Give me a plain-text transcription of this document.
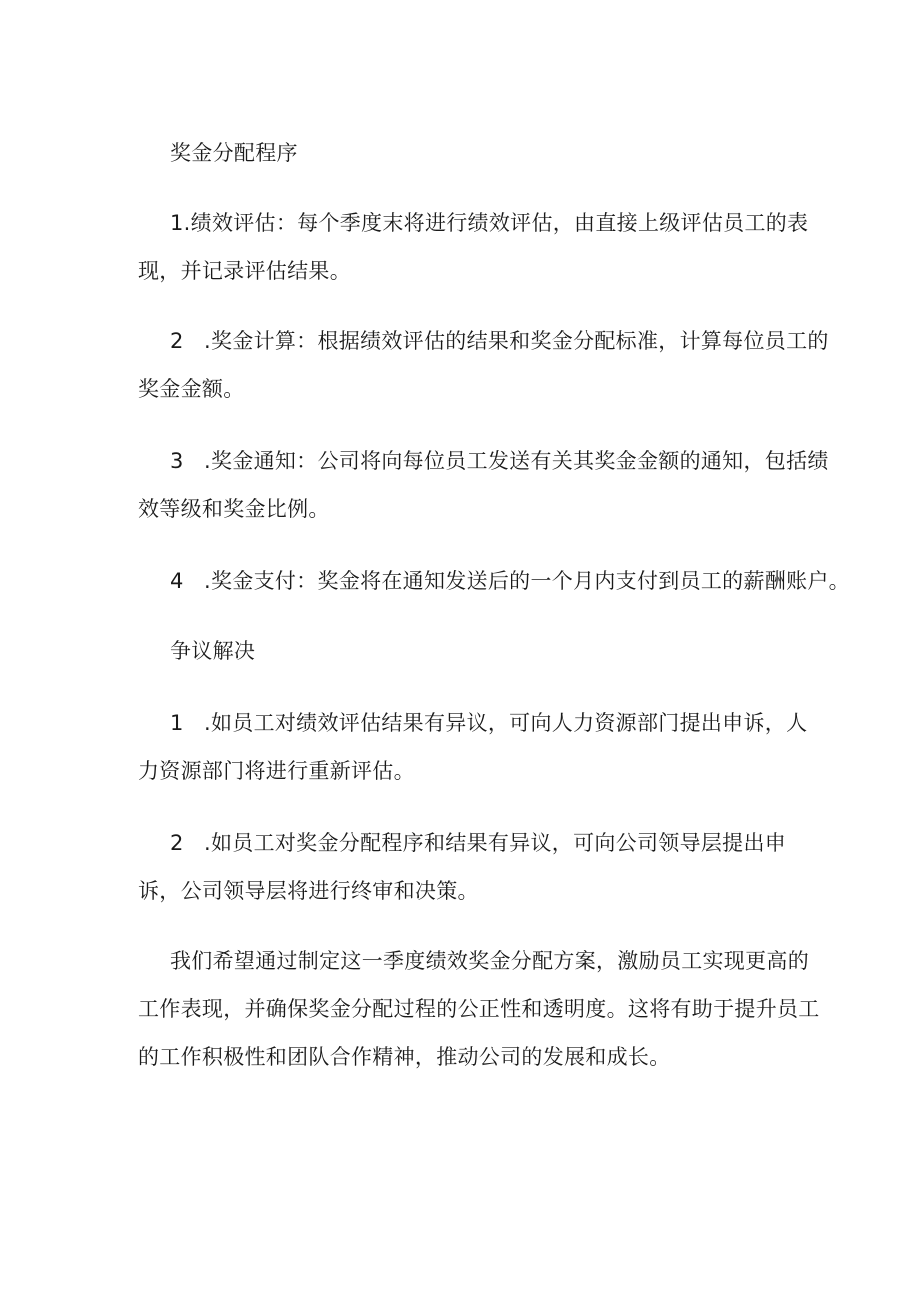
奖金分配程序
1.绩效评估：每个季度末将进行绩效评估，由直接上级评估员工的表
现，并记录评估结果。
2 .奖金计算：根据绩效评估的结果和奖金分配标准，计算每位员工的
奖金金额。
3 .奖金通知：公司将向每位员工发送有关其奖金金额的通知，包括绩
效等级和奖金比例。
4 .奖金支付：奖金将在通知发送后的一个月内支付到员工的薪酬账户。
争议解决
1 .如员工对绩效评估结果有异议，可向人力资源部门提出申诉，人
力资源部门将进行重新评估。
2 .如员工对奖金分配程序和结果有异议，可向公司领导层提出申
诉，公司领导层将进行终审和决策。
我们希望通过制定这一季度绩效奖金分配方案，激励员工实现更高的
工作表现，并确保奖金分配过程的公正性和透明度。这将有助于提升员工
的工作积极性和团队合作精神，推动公司的发展和成长。
